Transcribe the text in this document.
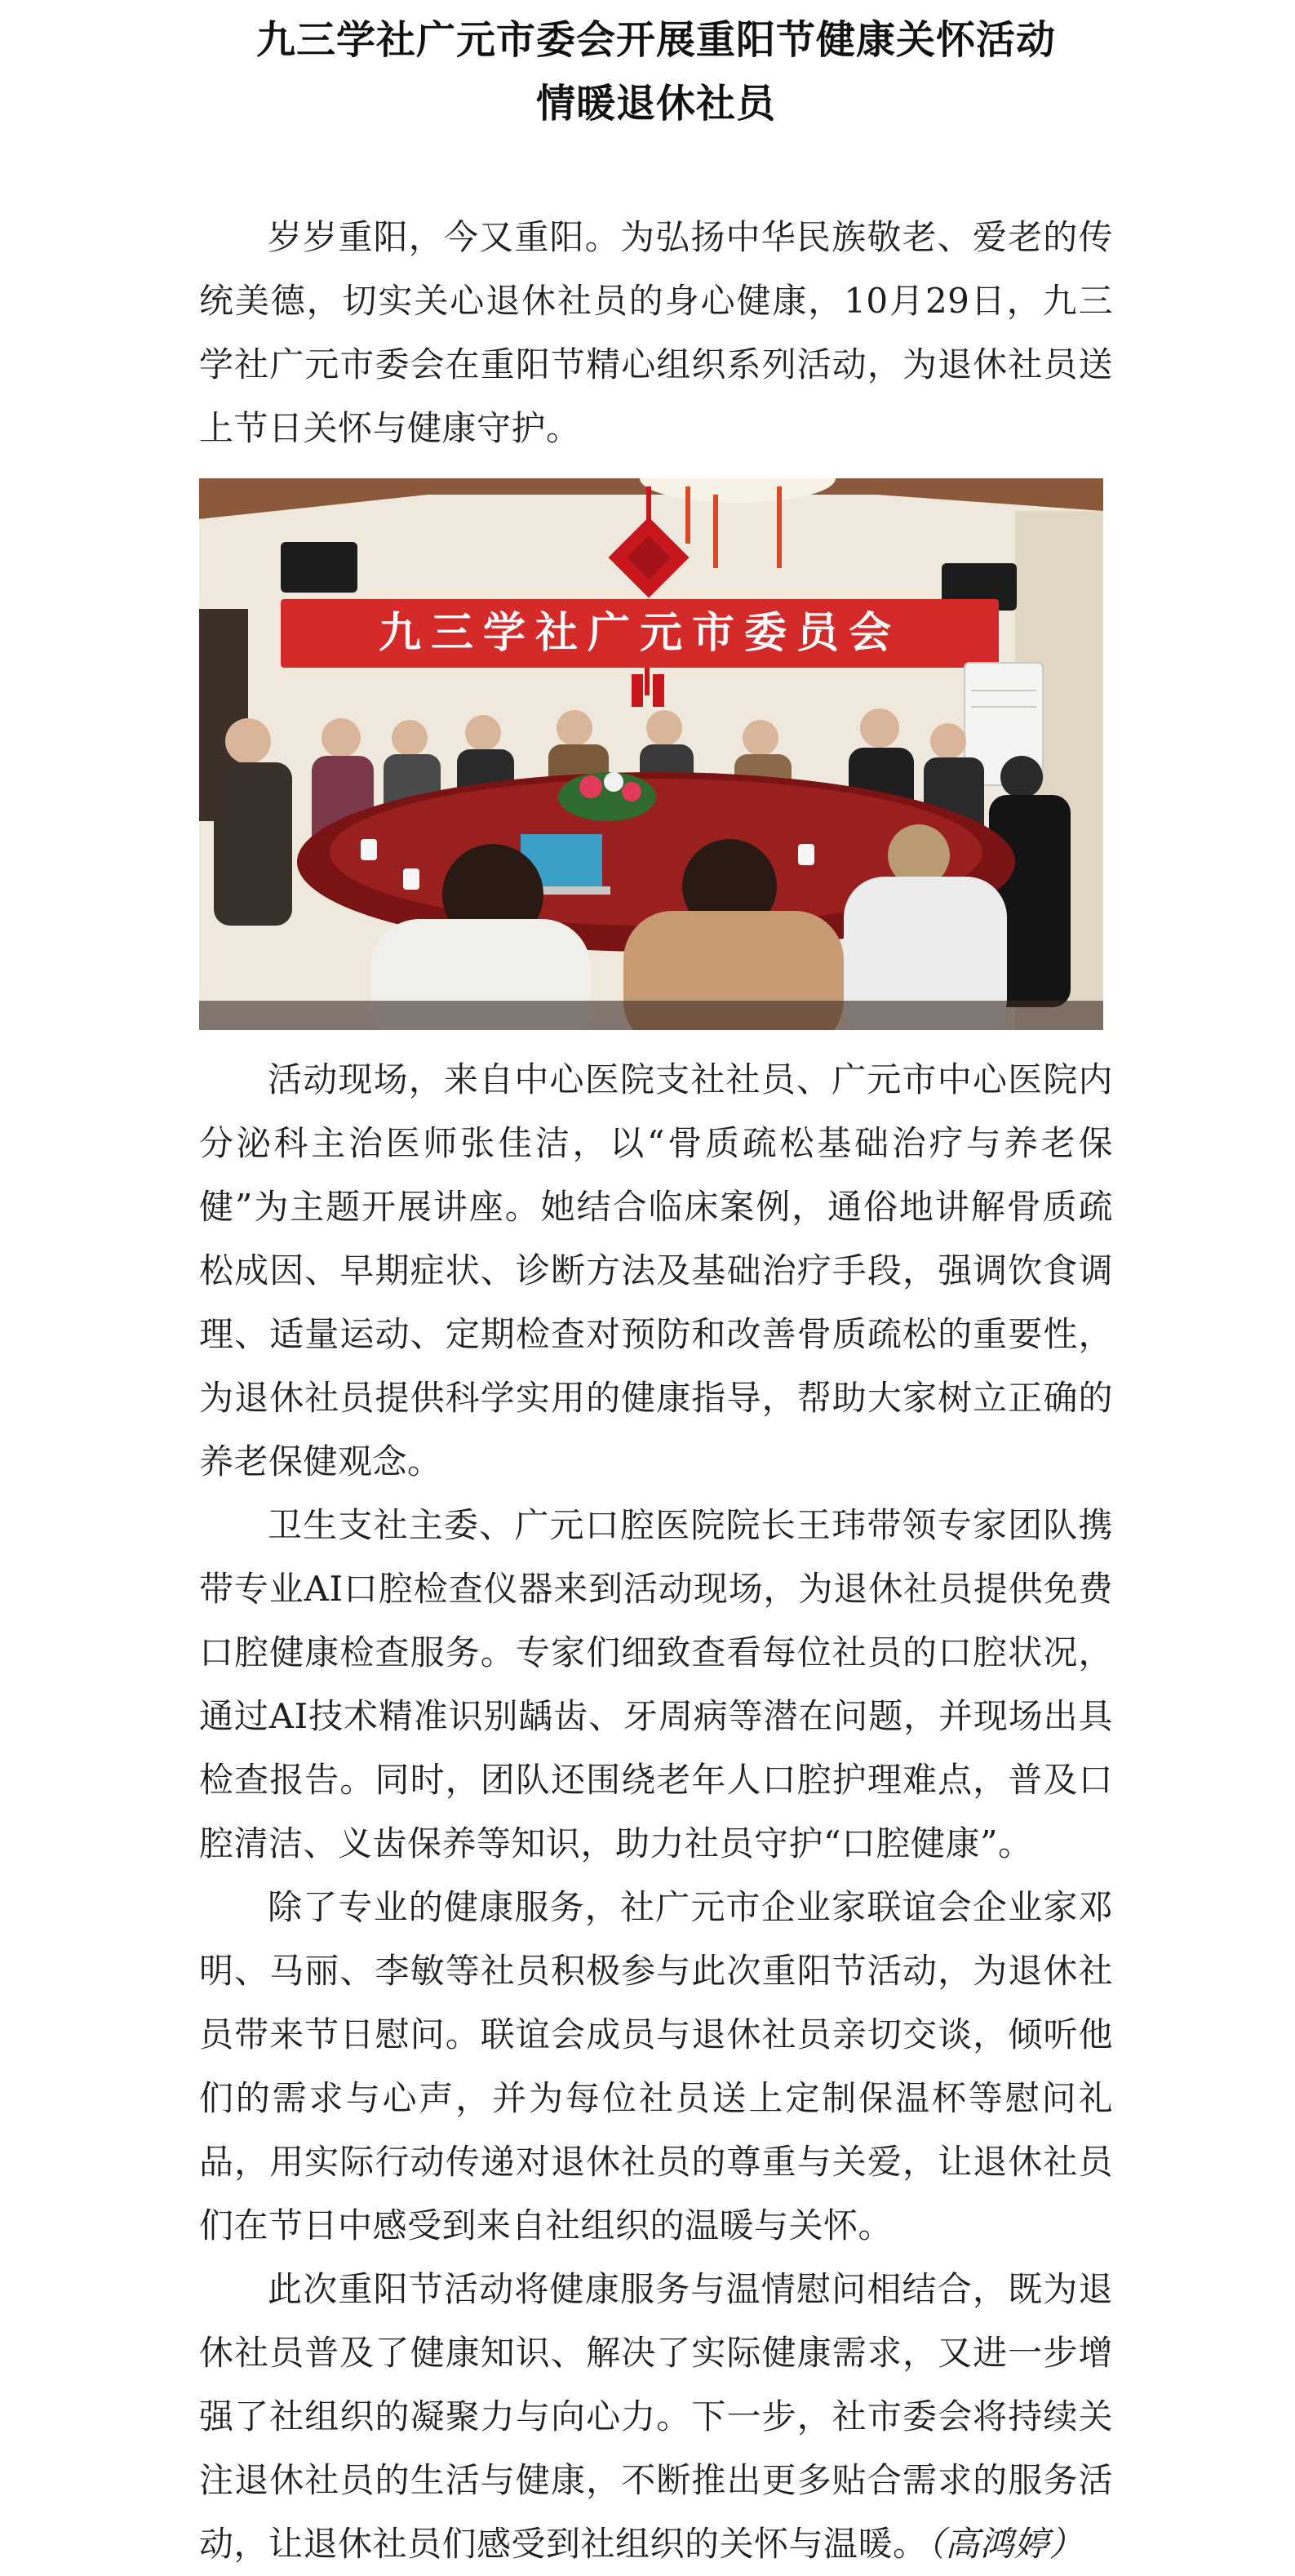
九三学社广元市委会开展重阳节健康关怀活动
情暖退休社员

岁岁重阳，今又重阳。为弘扬中华民族敬老、爱老的传统美德，切实关心退休社员的身心健康，10月29日，九三学社广元市委会在重阳节精心组织系列活动，为退休社员送上节日关怀与健康守护。

九三学社广元市委员会

活动现场，来自中心医院支社社员、广元市中心医院内分泌科主治医师张佳洁，以“骨质疏松基础治疗与养老保健”为主题开展讲座。她结合临床案例，通俗地讲解骨质疏松成因、早期症状、诊断方法及基础治疗手段，强调饮食调理、适量运动、定期检查对预防和改善骨质疏松的重要性，为退休社员提供科学实用的健康指导，帮助大家树立正确的养老保健观念。

卫生支社主委、广元口腔医院院长王玮带领专家团队携带专业AI口腔检查仪器来到活动现场，为退休社员提供免费口腔健康检查服务。专家们细致查看每位社员的口腔状况，通过AI技术精准识别龋齿、牙周病等潜在问题，并现场出具检查报告。同时，团队还围绕老年人口腔护理难点，普及口腔清洁、义齿保养等知识，助力社员守护“口腔健康”。

除了专业的健康服务，社广元市企业家联谊会企业家邓明、马丽、李敏等社员积极参与此次重阳节活动，为退休社员带来节日慰问。联谊会成员与退休社员亲切交谈，倾听他们的需求与心声，并为每位社员送上定制保温杯等慰问礼品，用实际行动传递对退休社员的尊重与关爱，让退休社员们在节日中感受到来自社组织的温暖与关怀。

此次重阳节活动将健康服务与温情慰问相结合，既为退休社员普及了健康知识、解决了实际健康需求，又进一步增强了社组织的凝聚力与向心力。下一步，社市委会将持续关注退休社员的生活与健康，不断推出更多贴合需求的服务活动，让退休社员们感受到社组织的关怀与温暖。（高鸿婷）
